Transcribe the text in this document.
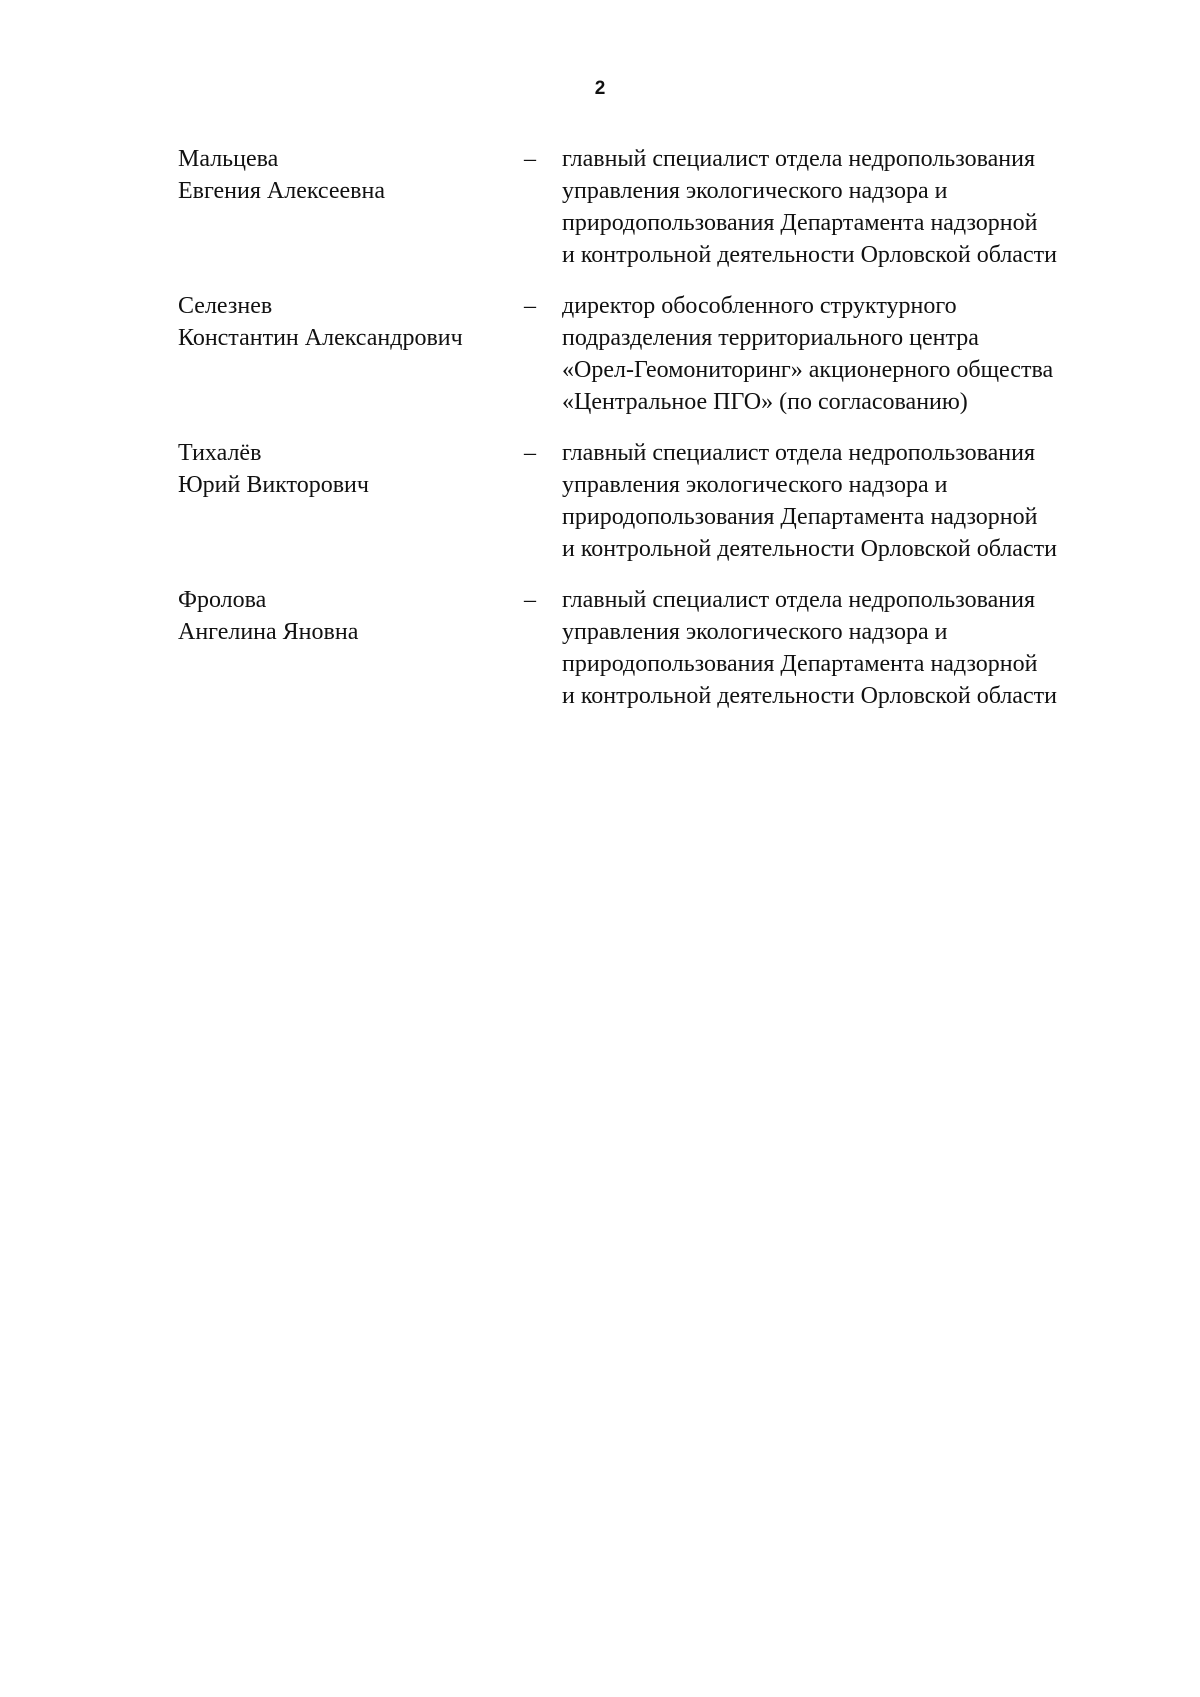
2
Мальцева
Евгения Алексеевна
– главный специалист отдела недропользования
управления экологического надзора и
природопользования Департамента надзорной
и контрольной деятельности Орловской области
Селезнев
Константин Александрович
– директор обособленного структурного
подразделения территориального центра
«Орел-Геомониторинг» акционерного общества
«Центральное ПГО» (по согласованию)
Тихалёв
Юрий Викторович
– главный специалист отдела недропользования
управления экологического надзора и
природопользования Департамента надзорной
и контрольной деятельности Орловской области
Фролова
Ангелина Яновна
– главный специалист отдела недропользования
управления экологического надзора и
природопользования Департамента надзорной
и контрольной деятельности Орловской области
